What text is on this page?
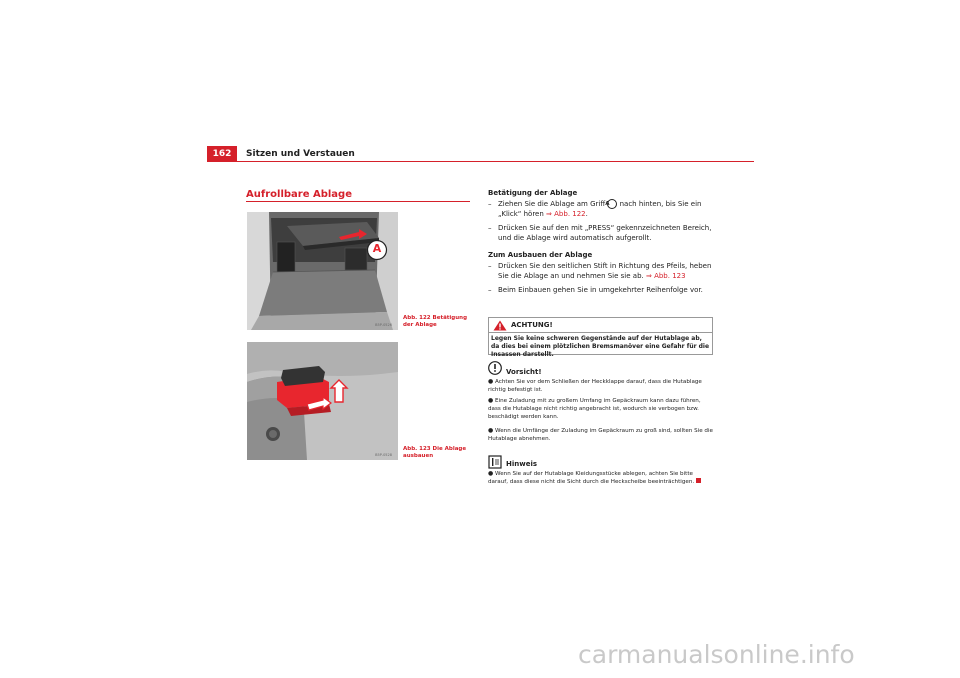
162	Sitzen und Verstauen
Aufrollbare Ablage
A
B5P-0526
Abb. 122 Betätigung der Ablage
B5P-0528
Abb. 123 Die Ablage ausbauen
Betätigung der Ablage
– Ziehen Sie die Ablage am Griff A nach hinten, bis Sie ein „Klick“ hören ⇒ Abb. 122.
– Drücken Sie auf den mit „PRESS“ gekennzeichneten Bereich, und die Ablage wird automatisch aufgerollt.
Zum Ausbauen der Ablage
– Drücken Sie den seitlichen Stift in Richtung des Pfeils, heben Sie die Ablage an und nehmen Sie sie ab. ⇒ Abb. 123
– Beim Einbauen gehen Sie in umgekehrter Reihenfolge vor.
ACHTUNG!
Legen Sie keine schweren Gegenstände auf der Hutablage ab, da dies bei einem plötzlichen Bremsmanöver eine Gefahr für die Insassen darstellt.
Vorsicht!
● Achten Sie vor dem Schließen der Heckklappe darauf, dass die Hutablage richtig befestigt ist.
● Eine Zuladung mit zu großem Umfang im Gepäckraum kann dazu führen, dass die Hutablage nicht richtig angebracht ist, wodurch sie verbogen bzw. beschädigt werden kann.
● Wenn die Umfänge der Zuladung im Gepäckraum zu groß sind, sollten Sie die Hutablage abnehmen.
Hinweis
● Wenn Sie auf der Hutablage Kleidungsstücke ablegen, achten Sie bitte darauf, dass diese nicht die Sicht durch die Heckscheibe beeinträchtigen.
carmanualsonline.info
